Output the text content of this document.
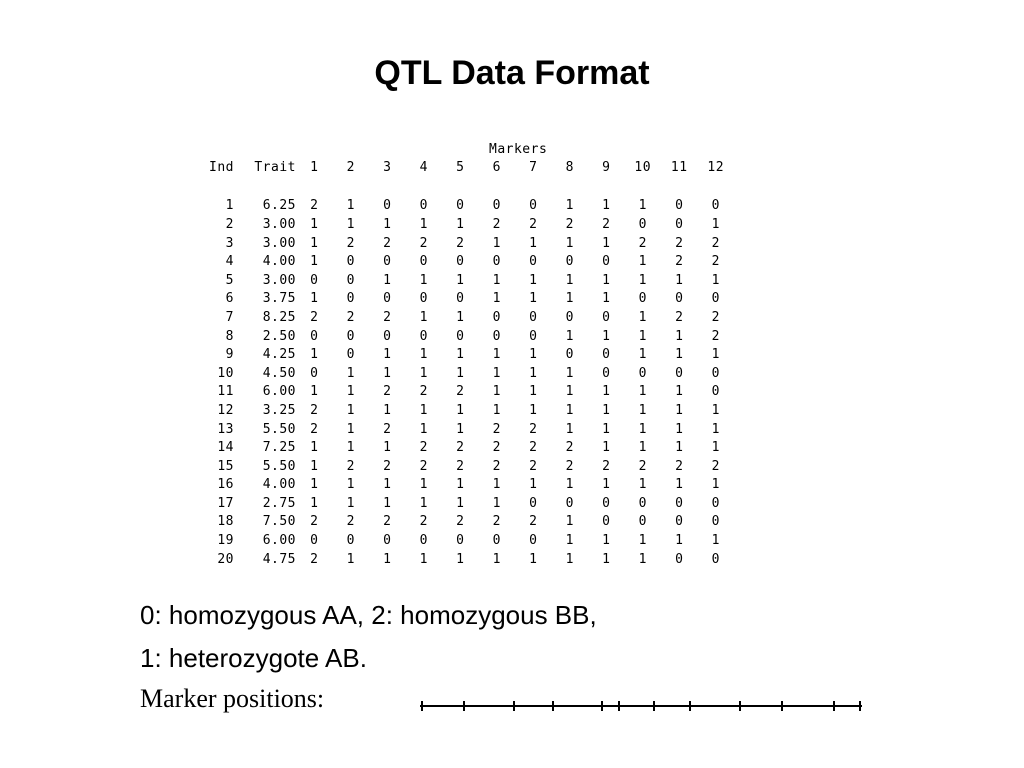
QTL Data Format
Markers
Ind	Trait	1	2	3	4	5	6	7	8	9	10	11	12

1	6.25	2	1	0	0	0	0	0	1	1	1	0	0
2	3.00	1	1	1	1	1	2	2	2	2	0	0	1
3	3.00	1	2	2	2	2	1	1	1	1	2	2	2
4	4.00	1	0	0	0	0	0	0	0	0	1	2	2
5	3.00	0	0	1	1	1	1	1	1	1	1	1	1
6	3.75	1	0	0	0	0	1	1	1	1	0	0	0
7	8.25	2	2	2	1	1	0	0	0	0	1	2	2
8	2.50	0	0	0	0	0	0	0	1	1	1	1	2
9	4.25	1	0	1	1	1	1	1	0	0	1	1	1
10	4.50	0	1	1	1	1	1	1	1	0	0	0	0
11	6.00	1	1	2	2	2	1	1	1	1	1	1	0
12	3.25	2	1	1	1	1	1	1	1	1	1	1	1
13	5.50	2	1	2	1	1	2	2	1	1	1	1	1
14	7.25	1	1	1	2	2	2	2	2	1	1	1	1
15	5.50	1	2	2	2	2	2	2	2	2	2	2	2
16	4.00	1	1	1	1	1	1	1	1	1	1	1	1
17	2.75	1	1	1	1	1	1	0	0	0	0	0	0
18	7.50	2	2	2	2	2	2	2	1	0	0	0	0
19	6.00	0	0	0	0	0	0	0	1	1	1	1	1
20	4.75	2	1	1	1	1	1	1	1	1	1	0	0
0: homozygous AA, 2: homozygous BB,
1: heterozygote AB.
Marker positions:
